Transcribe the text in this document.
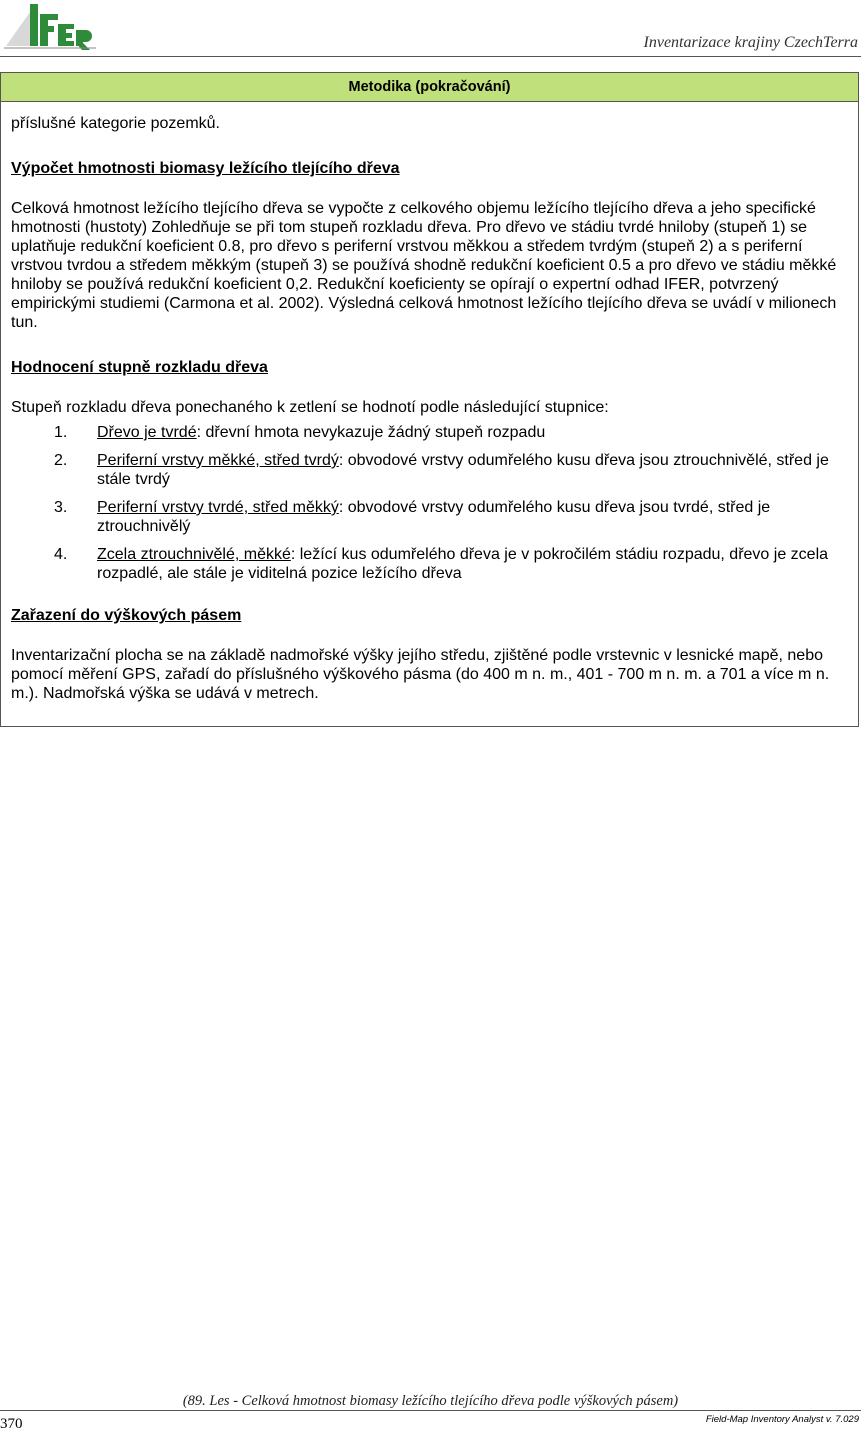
Inventarizace krajiny CzechTerra
Metodika (pokračování)

příslušné kategorie pozemků.

Výpočet hmotnosti biomasy ležícího tlejícího dřeva

Celková hmotnost ležícího tlejícího dřeva se vypočte z celkového objemu ležícího tlejícího dřeva a jeho specifické hmotnosti (hustoty) Zohledňuje se při tom stupeň rozkladu dřeva. Pro dřevo ve stádiu tvrdé hniloby (stupeň 1) se uplatňuje redukční koeficient 0.8, pro dřevo s periferní vrstvou měkkou a středem tvrdým (stupeň 2) a s periferní vrstvou tvrdou a středem měkkým (stupeň 3) se používá shodně redukční koeficient 0.5 a pro dřevo ve stádiu měkké hniloby se používá redukční koeficient 0,2. Redukční koeficienty se opírají o expertní odhad IFER, potvrzený empirickými studiemi (Carmona et al. 2002). Výsledná celková hmotnost ležícího tlejícího dřeva se uvádí v milionech tun.

Hodnocení stupně rozkladu dřeva

Stupeň rozkladu dřeva ponechaného k zetlení se hodnotí podle následující stupnice:

1.	Dřevo je tvrdé: dřevní hmota nevykazuje žádný stupeň rozpadu
2.	Periferní vrstvy měkké, střed tvrdý: obvodové vrstvy odumřelého kusu dřeva jsou ztrouchnivělé, střed je stále tvrdý
3.	Periferní vrstvy tvrdé, střed měkký: obvodové vrstvy odumřelého kusu dřeva jsou tvrdé, střed je ztrouchnivělý
4.	Zcela ztrouchnivělé, měkké: ležící kus odumřelého dřeva je v pokročilém stádiu rozpadu, dřevo je zcela rozpadlé, ale stále je viditelná pozice ležícího dřeva

Zařazení do výškových pásem

Inventarizační plocha se na základě nadmořské výšky jejího středu, zjištěné podle vrstevnic v lesnické mapě, nebo pomocí měření GPS, zařadí do příslušného výškového pásma (do 400 m n. m., 401 - 700 m n. m. a 701 a více m n. m.). Nadmořská výška se udává v metrech.

(89. Les - Celková hmotnost biomasy ležícího tlejícího dřeva podle výškových pásem)
370	Field-Map Inventory Analyst v. 7.029
